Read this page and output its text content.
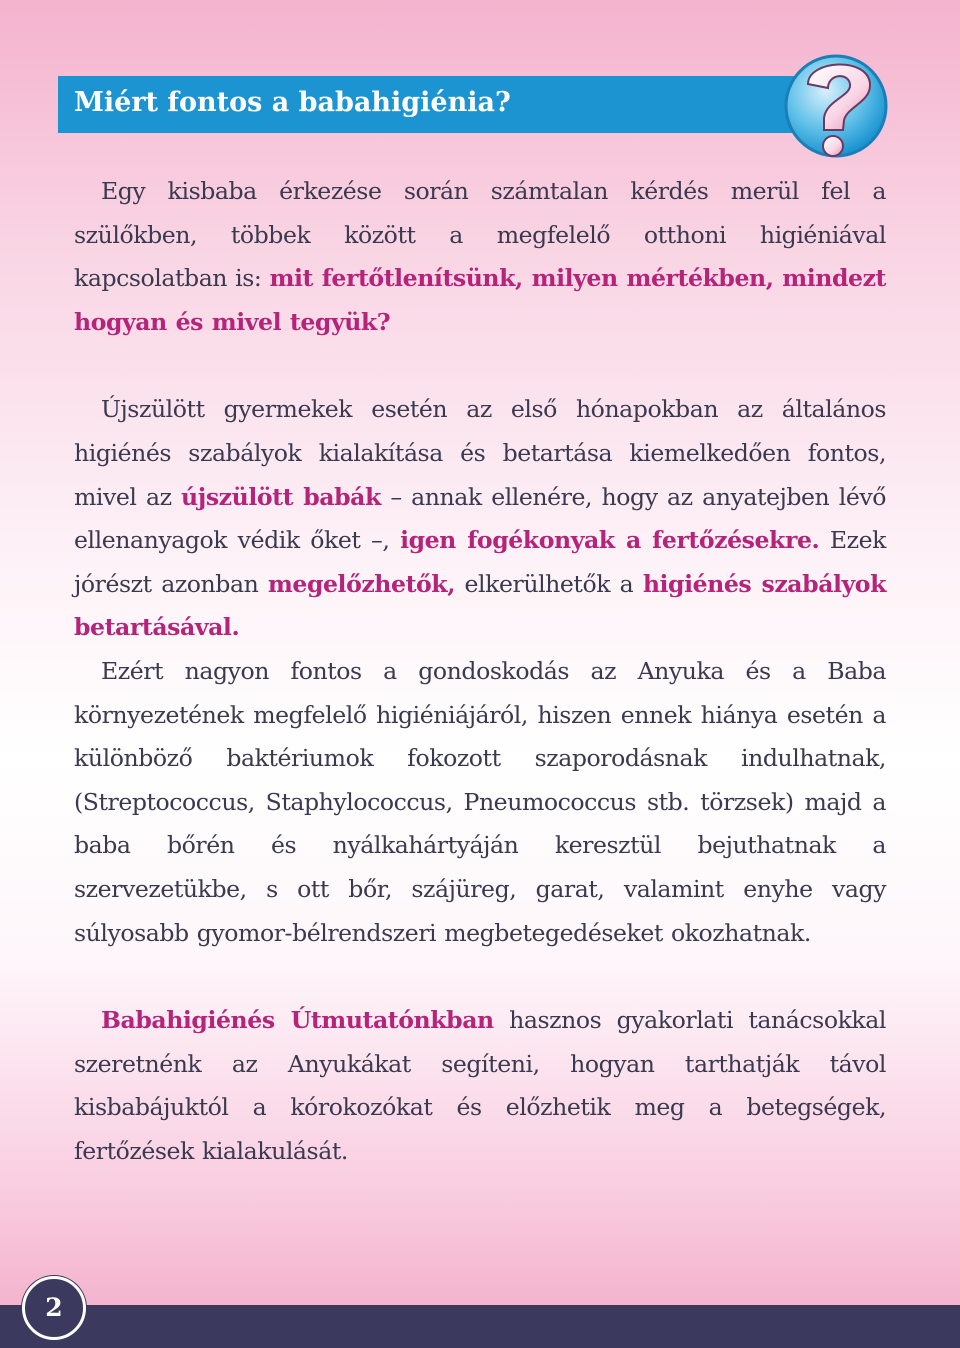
Miért fontos a babahigiénia?

Egy kisbaba érkezése során számtalan kérdés merül fel a szülőkben, többek között a megfelelő otthoni higiéniával kapcsolatban is: mit fertőtlenítsünk, milyen mértékben, mindezt hogyan és mivel tegyük?

Újszülött gyermekek esetén az első hónapokban az általános higiénés szabályok kialakítása és betartása kiemelkedően fontos, mivel az újszülött babák – annak ellenére, hogy az anyatejben lévő ellenanyagok védik őket –, igen fogékonyak a fertőzésekre. Ezek jórészt azonban megelőzhetők, elkerülhetők a higiénés szabályok betartásával.

Ezért nagyon fontos a gondoskodás az Anyuka és a Baba környezetének megfelelő higiéniájáról, hiszen ennek hiánya esetén a különböző baktériumok fokozott szaporodásnak indulhatnak, (Streptococcus, Staphylococcus, Pneumococcus stb. törzsek) majd a baba bőrén és nyálkahártyáján keresztül bejuthatnak a szervezetükbe, s ott bőr, szájüreg, garat, valamint enyhe vagy súlyosabb gyomor-bélrendszeri megbetegedéseket okozhatnak.

Babahigiénés Útmutatónkban hasznos gyakorlati tanácsokkal szeretnénk az Anyukákat segíteni, hogyan tarthatják távol kisbabájuktól a kórokozókat és előzhetik meg a betegségek, fertőzések kialakulását.

2
